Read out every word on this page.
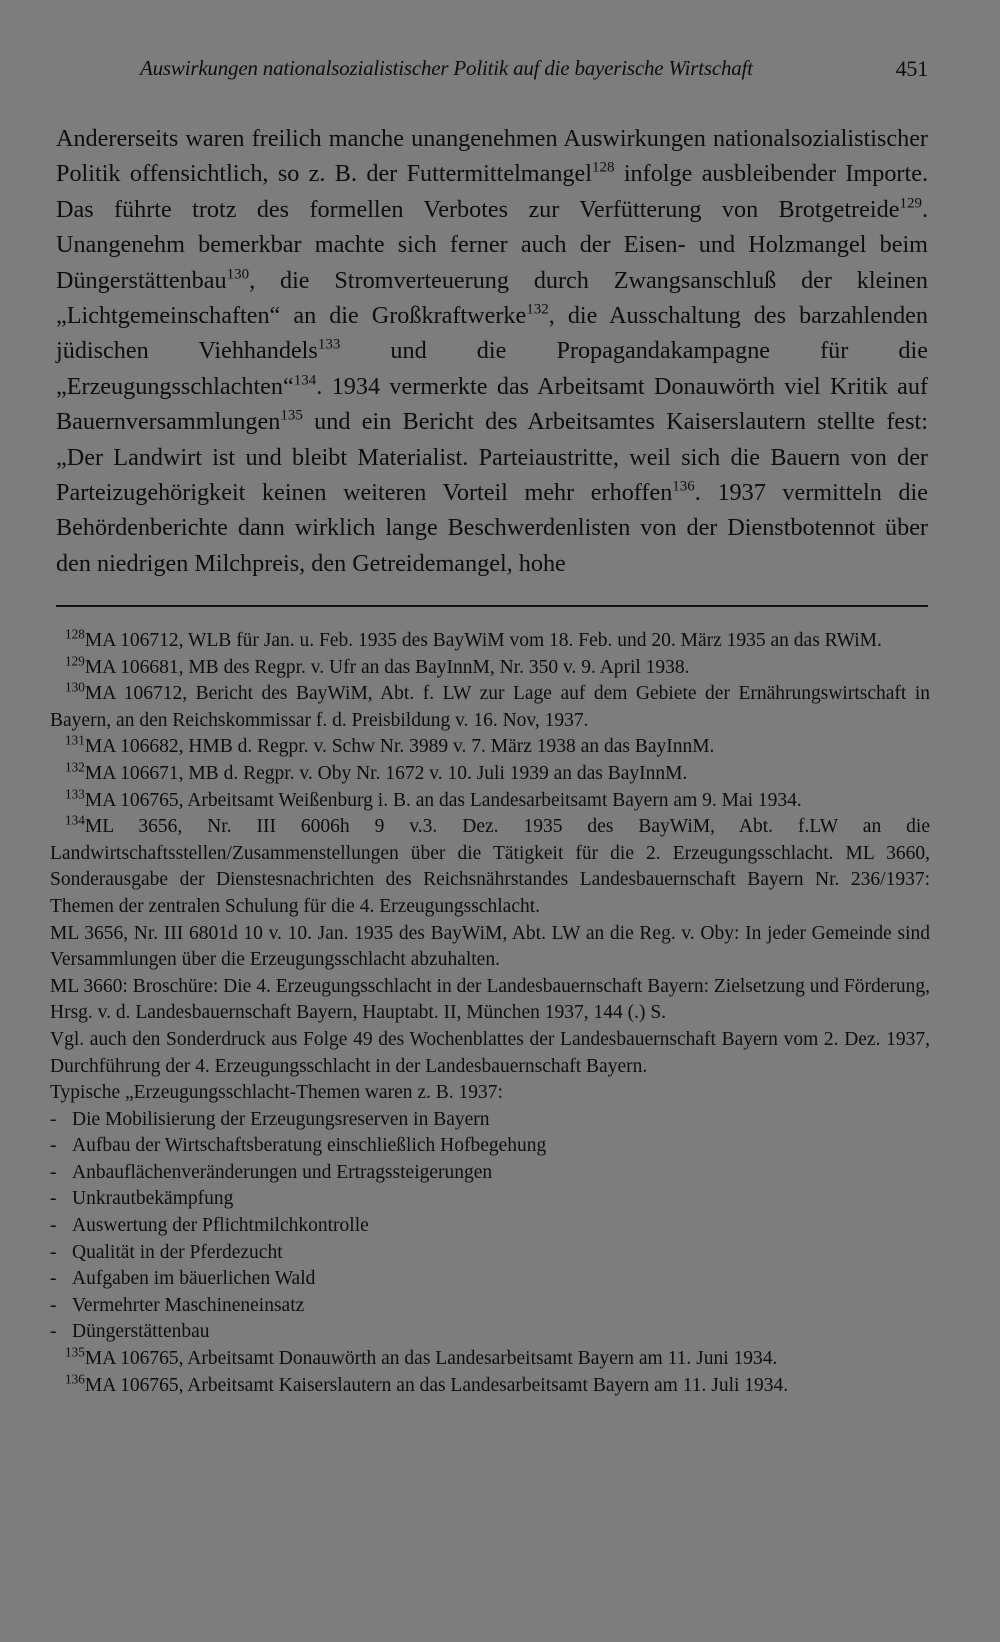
Auswirkungen nationalsozialistischer Politik auf die bayerische Wirtschaft	451

Andererseits waren freilich manche unangenehmen Auswirkungen nationalsozialistischer Politik offensichtlich, so z. B. der Futtermittelmangel$^{128}$ infolge ausbleibender Importe. Das führte trotz des formellen Verbotes zur Verfütterung von Brotgetreide$^{129}$. Unangenehm bemerkbar machte sich ferner auch der Eisen- und Holzmangel beim Düngerstättenbau$^{130}$, die Stromverteuerung durch Zwangsanschluß der kleinen „Lichtgemeinschaften“ an die Großkraftwerke$^{132}$, die Ausschaltung des barzahlenden jüdischen Viehhandels$^{133}$ und die Propagandakampagne für die „Erzeugungsschlachten“$^{134}$. 1934 vermerkte das Arbeitsamt Donauwörth viel Kritik auf Bauernversammlungen$^{135}$ und ein Bericht des Arbeitsamtes Kaiserslautern stellte fest: „Der Landwirt ist und bleibt Materialist. Parteiaustritte, weil sich die Bauern von der Parteizugehörigkeit keinen weiteren Vorteil mehr erhoffen$^{136}$. 1937 vermitteln die Behördenberichte dann wirklich lange Beschwerdenlisten von der Dienstbotennot über den niedrigen Milchpreis, den Getreidemangel, hohe

$^{128}$MA 106712, WLB für Jan. u. Feb. 1935 des BayWiM vom 18. Feb. und 20. März 1935 an das RWiM.
$^{129}$MA 106681, MB des Regpr. v. Ufr an das BayInnM, Nr. 350 v. 9. April 1938.
$^{130}$MA 106712, Bericht des BayWiM, Abt. f. LW zur Lage auf dem Gebiete der Ernährungswirtschaft in Bayern, an den Reichskommissar f. d. Preisbildung v. 16. Nov, 1937.
$^{131}$MA 106682, HMB d. Regpr. v. Schw Nr. 3989 v. 7. März 1938 an das BayInnM.
$^{132}$MA 106671, MB d. Regpr. v. Oby Nr. 1672 v. 10. Juli 1939 an das BayInnM.
$^{133}$MA 106765, Arbeitsamt Weißenburg i. B. an das Landesarbeitsamt Bayern am 9. Mai 1934.
$^{134}$ML 3656, Nr. III 6006h 9 v.3. Dez. 1935 des BayWiM, Abt. f.LW an die Landwirtschaftsstellen/Zusammenstellungen über die Tätigkeit für die 2. Erzeugungsschlacht. ML 3660, Sonderausgabe der Dienstesnachrichten des Reichsnährstandes Landesbauernschaft Bayern Nr. 236/1937: Themen der zentralen Schulung für die 4. Erzeugungsschlacht.
ML 3656, Nr. III 6801d 10 v. 10. Jan. 1935 des BayWiM, Abt. LW an die Reg. v. Oby: In jeder Gemeinde sind Versammlungen über die Erzeugungsschlacht abzuhalten.
ML 3660: Broschüre: Die 4. Erzeugungsschlacht in der Landesbauernschaft Bayern: Zielsetzung und Förderung, Hrsg. v. d. Landesbauernschaft Bayern, Hauptabt. II, München 1937, 144 (.) S.
Vgl. auch den Sonderdruck aus Folge 49 des Wochenblattes der Landesbauernschaft Bayern vom 2. Dez. 1937, Durchführung der 4. Erzeugungsschlacht in der Landesbauernschaft Bayern.
Typische „Erzeugungsschlacht-Themen waren z. B. 1937:
- Die Mobilisierung der Erzeugungsreserven in Bayern
- Aufbau der Wirtschaftsberatung einschließlich Hofbegehung
- Anbauflächenveränderungen und Ertragssteigerungen
- Unkrautbekämpfung
- Auswertung der Pflichtmilchkontrolle
- Qualität in der Pferdezucht
- Aufgaben im bäuerlichen Wald
- Vermehrter Maschineneinsatz
- Düngerstättenbau
$^{135}$MA 106765, Arbeitsamt Donauwörth an das Landesarbeitsamt Bayern am 11. Juni 1934.
$^{136}$MA 106765, Arbeitsamt Kaiserslautern an das Landesarbeitsamt Bayern am 11. Juli 1934.
